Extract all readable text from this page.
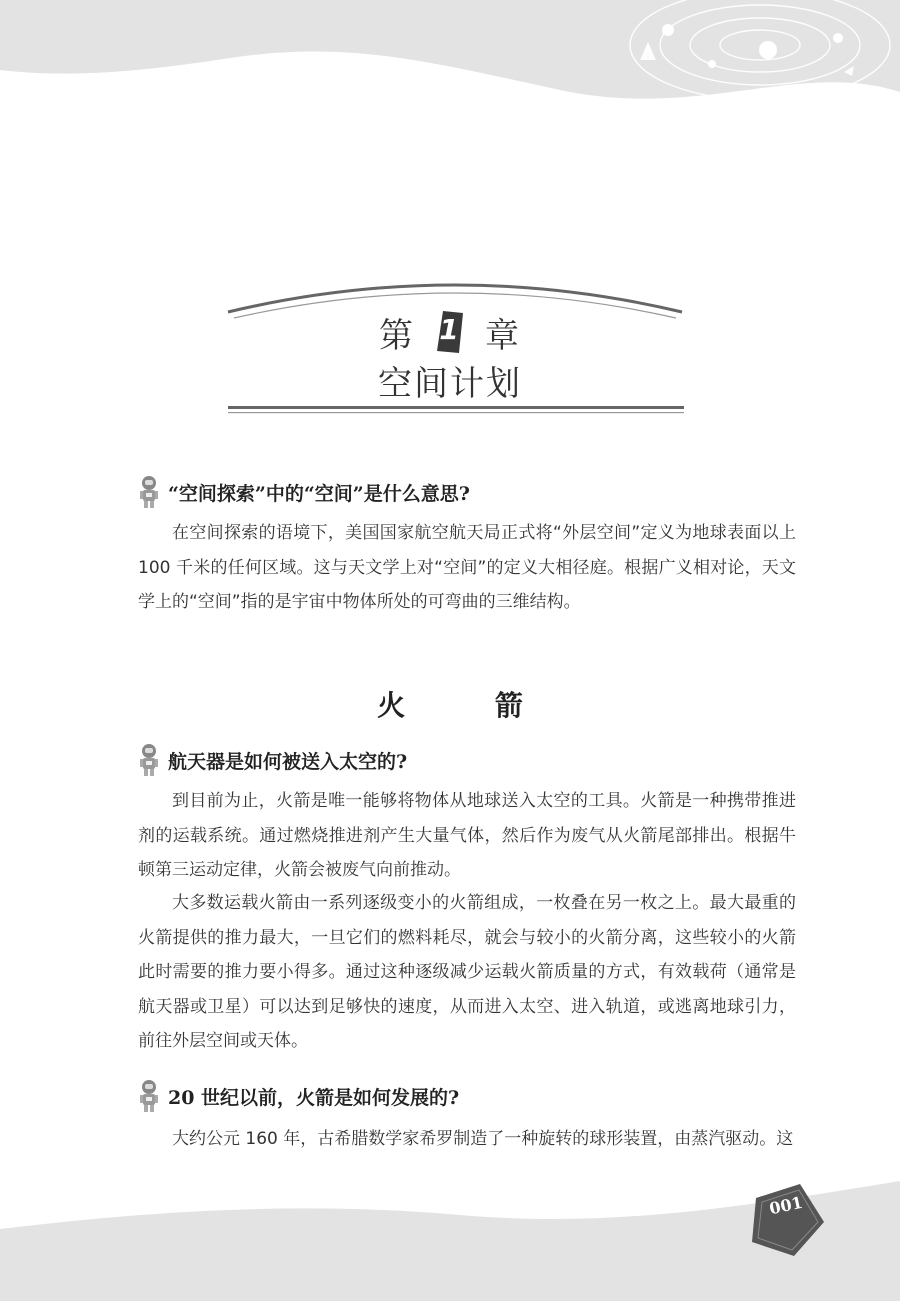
第 1 章
空间计划
“空间探索”中的“空间”是什么意思?
在空间探索的语境下，美国国家航空航天局正式将“外层空间”定义为地球表面以上 100 千米的任何区域。这与天文学上对“空间”的定义大相径庭。根据广义相对论，天文学上的“空间”指的是宇宙中物体所处的可弯曲的三维结构。
火 箭
航天器是如何被送入太空的?
到目前为止，火箭是唯一能够将物体从地球送入太空的工具。火箭是一种携带推进剂的运载系统。通过燃烧推进剂产生大量气体，然后作为废气从火箭尾部排出。根据牛顿第三运动定律，火箭会被废气向前推动。
大多数运载火箭由一系列逐级变小的火箭组成，一枚叠在另一枚之上。最大最重的火箭提供的推力最大，一旦它们的燃料耗尽，就会与较小的火箭分离，这些较小的火箭此时需要的推力要小得多。通过这种逐级减少运载火箭质量的方式，有效载荷（通常是航天器或卫星）可以达到足够快的速度，从而进入太空、进入轨道，或逃离地球引力，前往外层空间或天体。
20 世纪以前，火箭是如何发展的?
大约公元 160 年，古希腊数学家希罗制造了一种旋转的球形装置，由蒸汽驱动。这
001
